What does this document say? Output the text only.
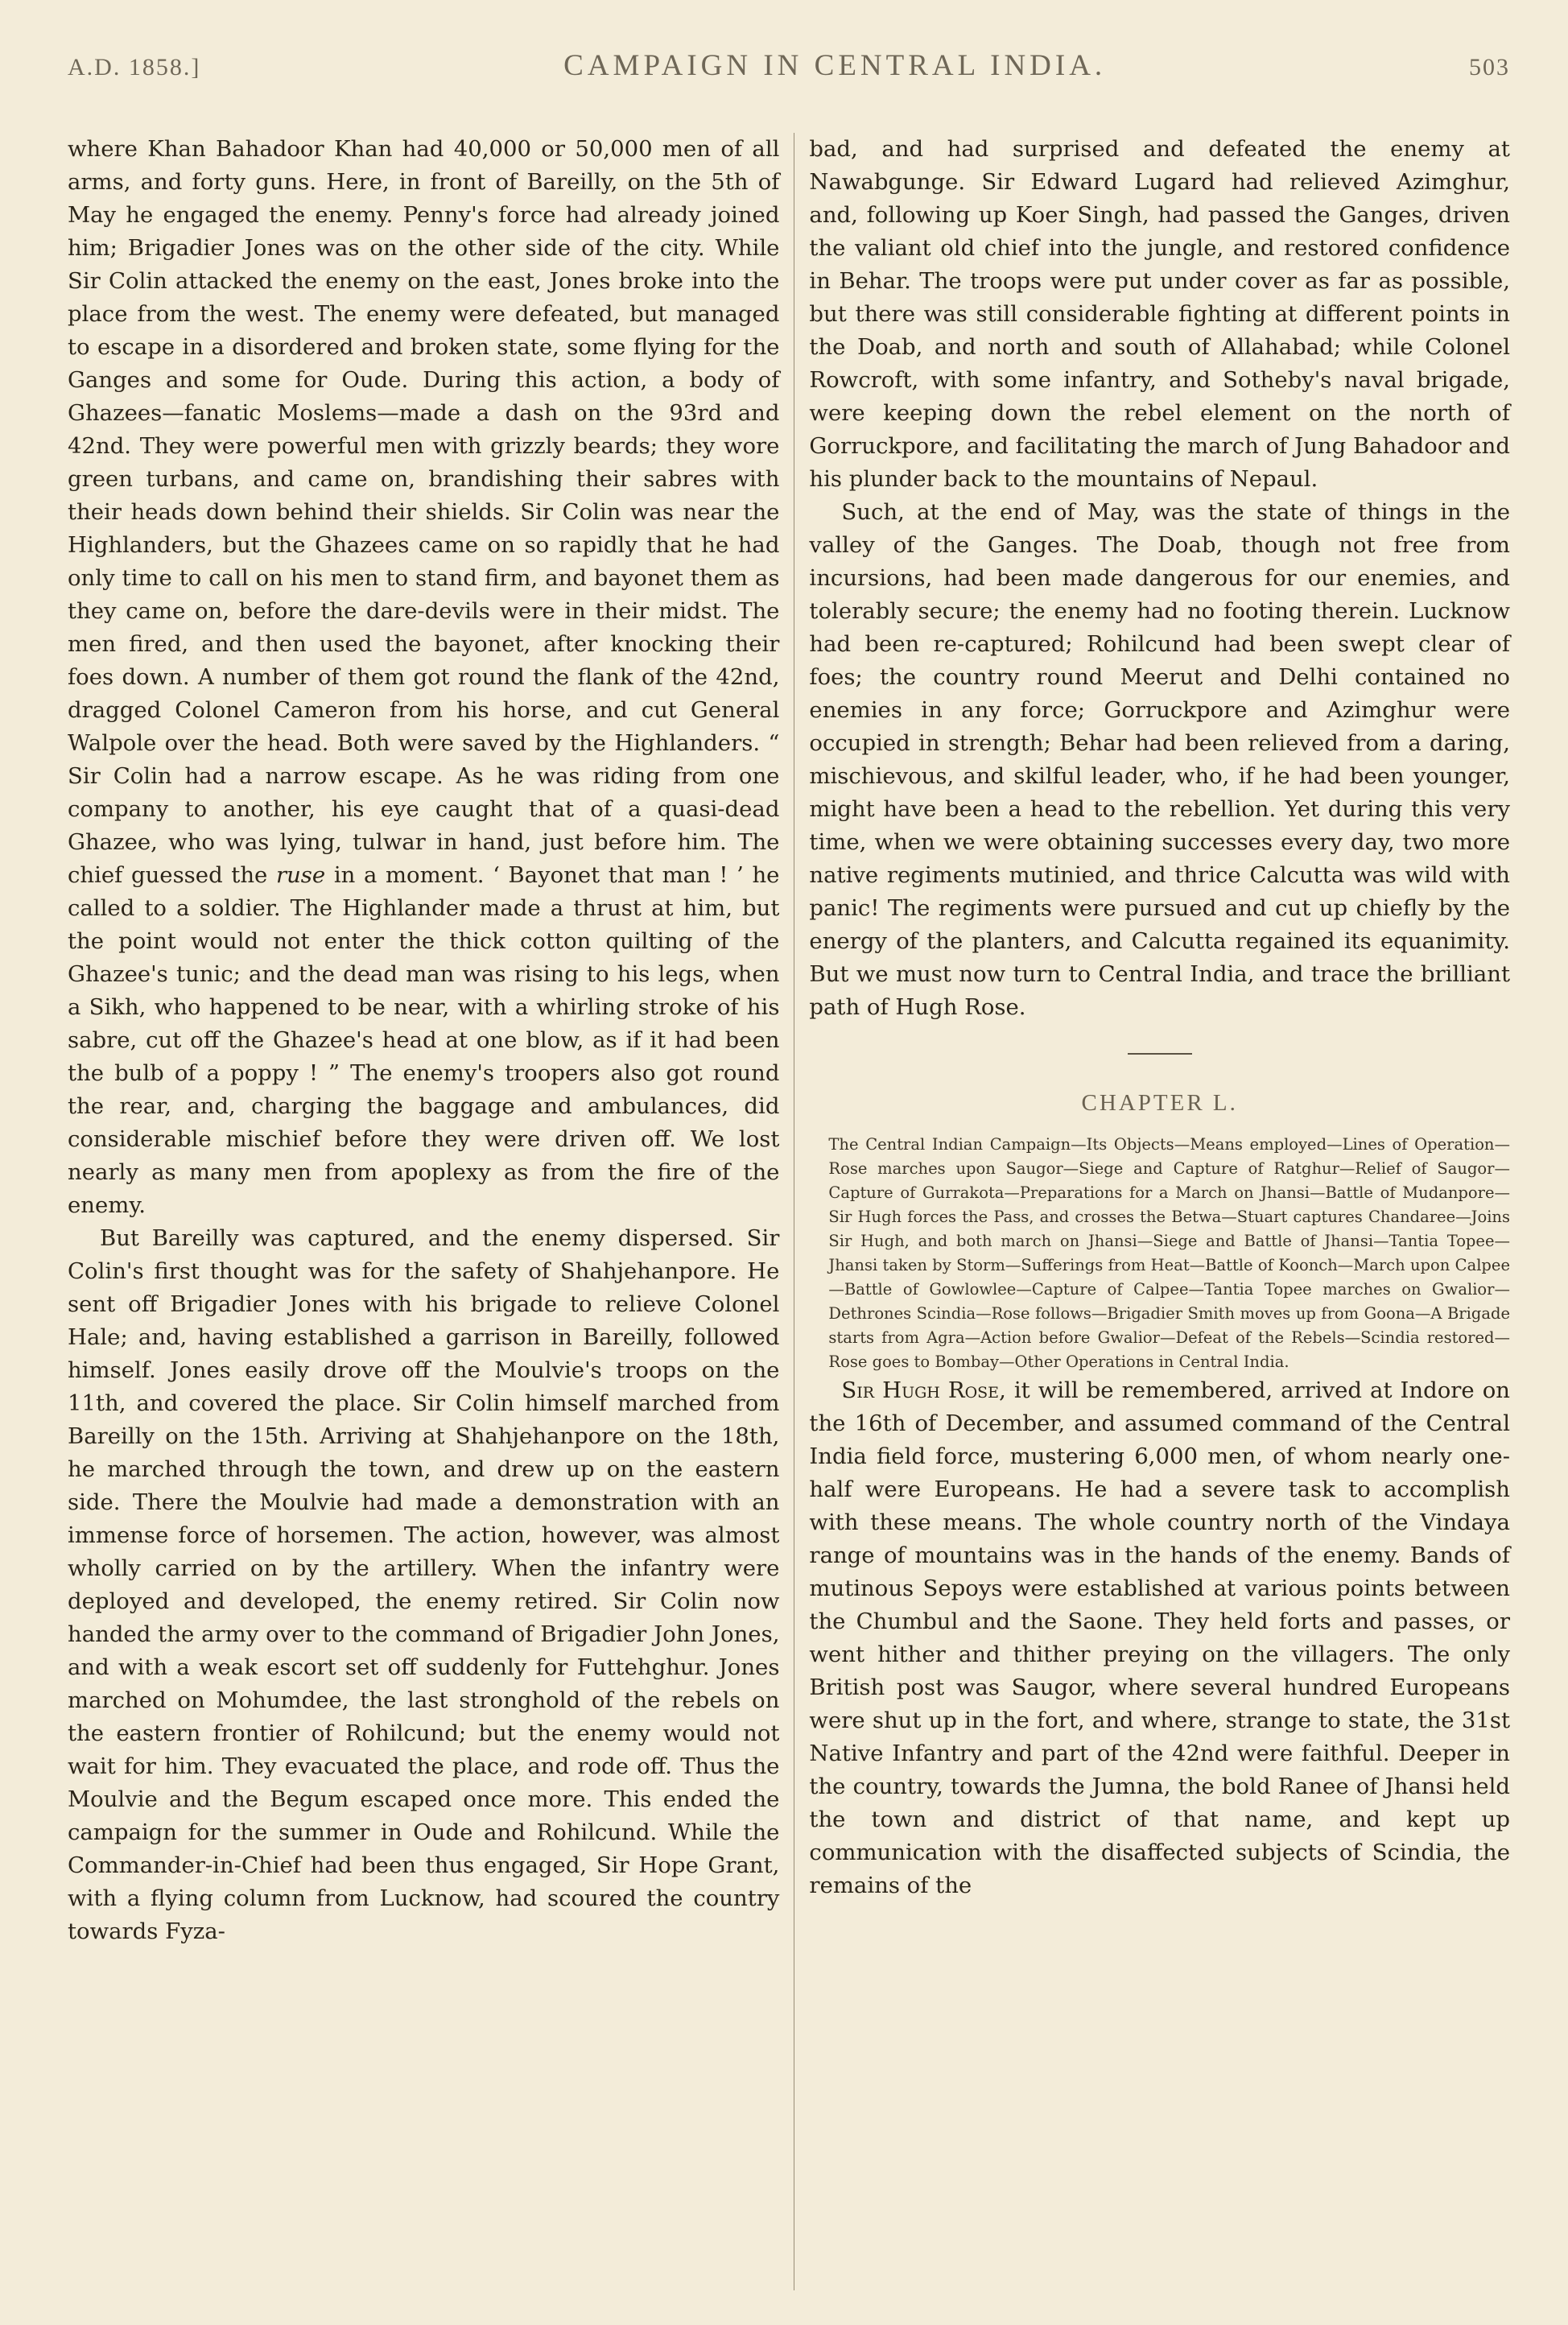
A.D. 1858.]	CAMPAIGN IN CENTRAL INDIA.	503

where Khan Bahadoor Khan had 40,000 or 50,000 men of all arms, and forty guns. Here, in front of Bareilly, on the 5th of May he engaged the enemy. Penny's force had already joined him; Brigadier Jones was on the other side of the city. While Sir Colin attacked the enemy on the east, Jones broke into the place from the west. The enemy were defeated, but managed to escape in a disordered and broken state, some flying for the Ganges and some for Oude. During this action, a body of Ghazees—fanatic Moslems—made a dash on the 93rd and 42nd. They were powerful men with grizzly beards; they wore green turbans, and came on, brandishing their sabres with their heads down behind their shields. Sir Colin was near the Highlanders, but the Ghazees came on so rapidly that he had only time to call on his men to stand firm, and bayonet them as they came on, before the dare-devils were in their midst. The men fired, and then used the bayonet, after knocking their foes down. A number of them got round the flank of the 42nd, dragged Colonel Cameron from his horse, and cut General Walpole over the head. Both were saved by the Highlanders. “ Sir Colin had a narrow escape. As he was riding from one company to another, his eye caught that of a quasi-dead Ghazee, who was lying, tulwar in hand, just before him. The chief guessed the ruse in a moment. ‘ Bayonet that man ! ’ he called to a soldier. The Highlander made a thrust at him, but the point would not enter the thick cotton quilting of the Ghazee's tunic; and the dead man was rising to his legs, when a Sikh, who happened to be near, with a whirling stroke of his sabre, cut off the Ghazee's head at one blow, as if it had been the bulb of a poppy ! ” The enemy's troopers also got round the rear, and, charging the baggage and ambulances, did considerable mischief before they were driven off. We lost nearly as many men from apoplexy as from the fire of the enemy.

But Bareilly was captured, and the enemy dispersed. Sir Colin's first thought was for the safety of Shahjehanpore. He sent off Brigadier Jones with his brigade to relieve Colonel Hale; and, having established a garrison in Bareilly, followed himself. Jones easily drove off the Moulvie's troops on the 11th, and covered the place. Sir Colin himself marched from Bareilly on the 15th. Arriving at Shahjehanpore on the 18th, he marched through the town, and drew up on the eastern side. There the Moulvie had made a demonstration with an immense force of horsemen. The action, however, was almost wholly carried on by the artillery. When the infantry were deployed and developed, the enemy retired. Sir Colin now handed the army over to the command of Brigadier John Jones, and with a weak escort set off suddenly for Futtehghur. Jones marched on Mohumdee, the last stronghold of the rebels on the eastern frontier of Rohilcund; but the enemy would not wait for him. They evacuated the place, and rode off. Thus the Moulvie and the Begum escaped once more. This ended the campaign for the summer in Oude and Rohilcund. While the Commander-in-Chief had been thus engaged, Sir Hope Grant, with a flying column from Lucknow, had scoured the country towards Fyza-

bad, and had surprised and defeated the enemy at Nawabgunge. Sir Edward Lugard had relieved Azimghur, and, following up Koer Singh, had passed the Ganges, driven the valiant old chief into the jungle, and restored confidence in Behar. The troops were put under cover as far as possible, but there was still considerable fighting at different points in the Doab, and north and south of Allahabad; while Colonel Rowcroft, with some infantry, and Sotheby's naval brigade, were keeping down the rebel element on the north of Gorruckpore, and facilitating the march of Jung Bahadoor and his plunder back to the mountains of Nepaul.

Such, at the end of May, was the state of things in the valley of the Ganges. The Doab, though not free from incursions, had been made dangerous for our enemies, and tolerably secure; the enemy had no footing therein. Lucknow had been re-captured; Rohilcund had been swept clear of foes; the country round Meerut and Delhi contained no enemies in any force; Gorruckpore and Azimghur were occupied in strength; Behar had been relieved from a daring, mischievous, and skilful leader, who, if he had been younger, might have been a head to the rebellion. Yet during this very time, when we were obtaining successes every day, two more native regiments mutinied, and thrice Calcutta was wild with panic! The regiments were pursued and cut up chiefly by the energy of the planters, and Calcutta regained its equanimity. But we must now turn to Central India, and trace the brilliant path of Hugh Rose.

CHAPTER L.

The Central Indian Campaign—Its Objects—Means employed—Lines of Operation—Rose marches upon Saugor—Siege and Capture of Ratghur—Relief of Saugor—Capture of Gurrakota—Preparations for a March on Jhansi—Battle of Mudanpore—Sir Hugh forces the Pass, and crosses the Betwa—Stuart captures Chandaree—Joins Sir Hugh, and both march on Jhansi—Siege and Battle of Jhansi—Tantia Topee—Jhansi taken by Storm—Sufferings from Heat—Battle of Koonch—March upon Calpee—Battle of Gowlowlee—Capture of Calpee—Tantia Topee marches on Gwalior—Dethrones Scindia—Rose follows—Brigadier Smith moves up from Goona—A Brigade starts from Agra—Action before Gwalior—Defeat of the Rebels—Scindia restored—Rose goes to Bombay—Other Operations in Central India.

Sir Hugh Rose, it will be remembered, arrived at Indore on the 16th of December, and assumed command of the Central India field force, mustering 6,000 men, of whom nearly one-half were Europeans. He had a severe task to accomplish with these means. The whole country north of the Vindaya range of mountains was in the hands of the enemy. Bands of mutinous Sepoys were established at various points between the Chumbul and the Saone. They held forts and passes, or went hither and thither preying on the villagers. The only British post was Saugor, where several hundred Europeans were shut up in the fort, and where, strange to state, the 31st Native Infantry and part of the 42nd were faithful. Deeper in the country, towards the Jumna, the bold Ranee of Jhansi held the town and district of that name, and kept up communication with the disaffected subjects of Scindia, the remains of the
